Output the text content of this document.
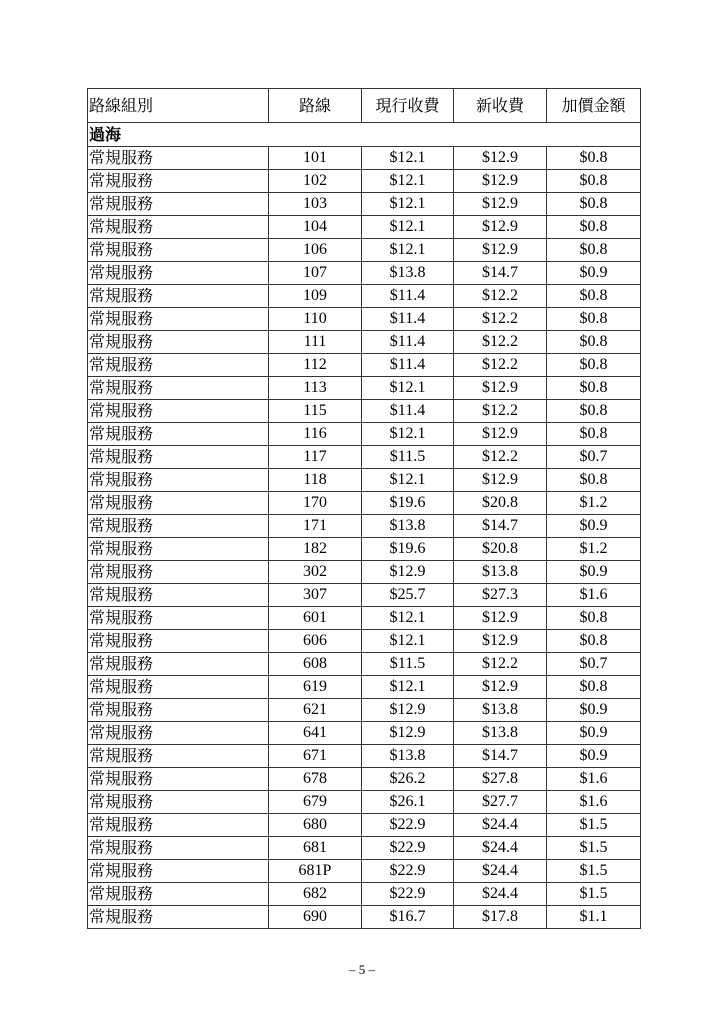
路線組別	路線	現行收費	新收費	加價金額
過海				
常規服務	101	$12.1	$12.9	$0.8
常規服務	102	$12.1	$12.9	$0.8
常規服務	103	$12.1	$12.9	$0.8
常規服務	104	$12.1	$12.9	$0.8
常規服務	106	$12.1	$12.9	$0.8
常規服務	107	$13.8	$14.7	$0.9
常規服務	109	$11.4	$12.2	$0.8
常規服務	110	$11.4	$12.2	$0.8
常規服務	111	$11.4	$12.2	$0.8
常規服務	112	$11.4	$12.2	$0.8
常規服務	113	$12.1	$12.9	$0.8
常規服務	115	$11.4	$12.2	$0.8
常規服務	116	$12.1	$12.9	$0.8
常規服務	117	$11.5	$12.2	$0.7
常規服務	118	$12.1	$12.9	$0.8
常規服務	170	$19.6	$20.8	$1.2
常規服務	171	$13.8	$14.7	$0.9
常規服務	182	$19.6	$20.8	$1.2
常規服務	302	$12.9	$13.8	$0.9
常規服務	307	$25.7	$27.3	$1.6
常規服務	601	$12.1	$12.9	$0.8
常規服務	606	$12.1	$12.9	$0.8
常規服務	608	$11.5	$12.2	$0.7
常規服務	619	$12.1	$12.9	$0.8
常規服務	621	$12.9	$13.8	$0.9
常規服務	641	$12.9	$13.8	$0.9
常規服務	671	$13.8	$14.7	$0.9
常規服務	678	$26.2	$27.8	$1.6
常規服務	679	$26.1	$27.7	$1.6
常規服務	680	$22.9	$24.4	$1.5
常規服務	681	$22.9	$24.4	$1.5
常規服務	681P	$22.9	$24.4	$1.5
常規服務	682	$22.9	$24.4	$1.5
常規服務	690	$16.7	$17.8	$1.1
– 5 –
